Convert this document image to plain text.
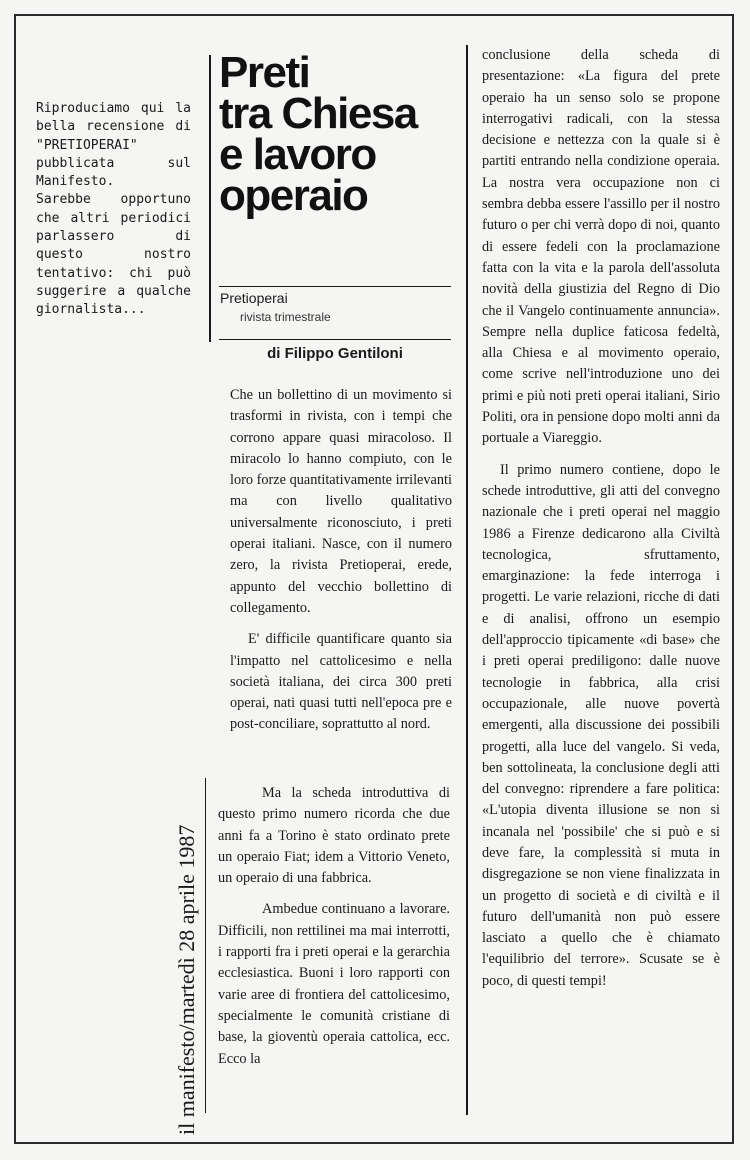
Riproduciamo qui la bella recensione di "PRETIOPERAI" pubblicata sul Manifesto.

Sarebbe opportuno che altri periodici parlassero di questo nostro tentativo: chi può suggerire a qualche giornalista...

Preti
tra Chiesa
e lavoro
operaio
Pretioperai
rivista trimestrale
di Filippo Gentiloni

Che un bollettino di un movimento si trasformi in rivista, con i tempi che corrono appare quasi miracoloso. Il miracolo lo hanno compiuto, con le loro forze quantitativamente irrilevanti ma con livello qualitativo universalmente riconosciuto, i preti operai italiani. Nasce, con il numero zero, la rivista Pretioperai, erede, appunto del vecchio bollettino di collegamento.

E' difficile quantificare quanto sia l'impatto nel cattolicesimo e nella società italiana, dei circa 300 preti operai, nati quasi tutti nell'epoca pre e post-conciliare, soprattutto al nord.

Ma la scheda introduttiva di questo primo numero ricorda che due anni fa a Torino è stato ordinato prete un operaio Fiat; idem a Vittorio Veneto, un operaio di una fabbrica.

Ambedue continuano a lavorare. Difficili, non rettilinei ma mai interrotti, i rapporti fra i preti operai e la gerarchia ecclesiastica. Buoni i loro rapporti con varie aree di frontiera del cattolicesimo, specialmente le comunità cristiane di base, la gioventù operaia cattolica, ecc. Ecco la

conclusione della scheda di presentazione: «La figura del prete operaio ha un senso solo se propone interrogativi radicali, con la stessa decisione e nettezza con la quale si è partiti entrando nella condizione operaia. La nostra vera occupazione non ci sembra debba essere l'assillo per il nostro futuro o per chi verrà dopo di noi, quanto di essere fedeli con la proclamazione fatta con la vita e la parola dell'assoluta novità della giustizia del Regno di Dio che il Vangelo continuamente annuncia». Sempre nella duplice faticosa fedeltà, alla Chiesa e al movimento operaio, come scrive nell'introduzione uno dei primi e più noti preti operai italiani, Sirio Politi, ora in pensione dopo molti anni da portuale a Viareggio.

Il primo numero contiene, dopo le schede introduttive, gli atti del convegno nazionale che i preti operai nel maggio 1986 a Firenze dedicarono alla Civiltà tecnologica, sfruttamento, emarginazione: la fede interroga i progetti. Le varie relazioni, ricche di dati e di analisi, offrono un esempio dell'approccio tipicamente «di base» che i preti operai prediligono: dalle nuove tecnologie in fabbrica, alla crisi occupazionale, alle nuove povertà emergenti, alla discussione dei possibili progetti, alla luce del vangelo. Si veda, ben sottolineata, la conclusione degli atti del convegno: riprendere a fare politica: «L'utopia diventa illusione se non si incanala nel 'possibile' che si può e si deve fare, la complessità si muta in disgregazione se non viene finalizzata in un progetto di società e di civiltà e il futuro dell'umanità non può essere lasciato a quello che è chiamato l'equilibrio del terrore». Scusate se è poco, di questi tempi!

il manifesto/martedì 28 aprile 1987
